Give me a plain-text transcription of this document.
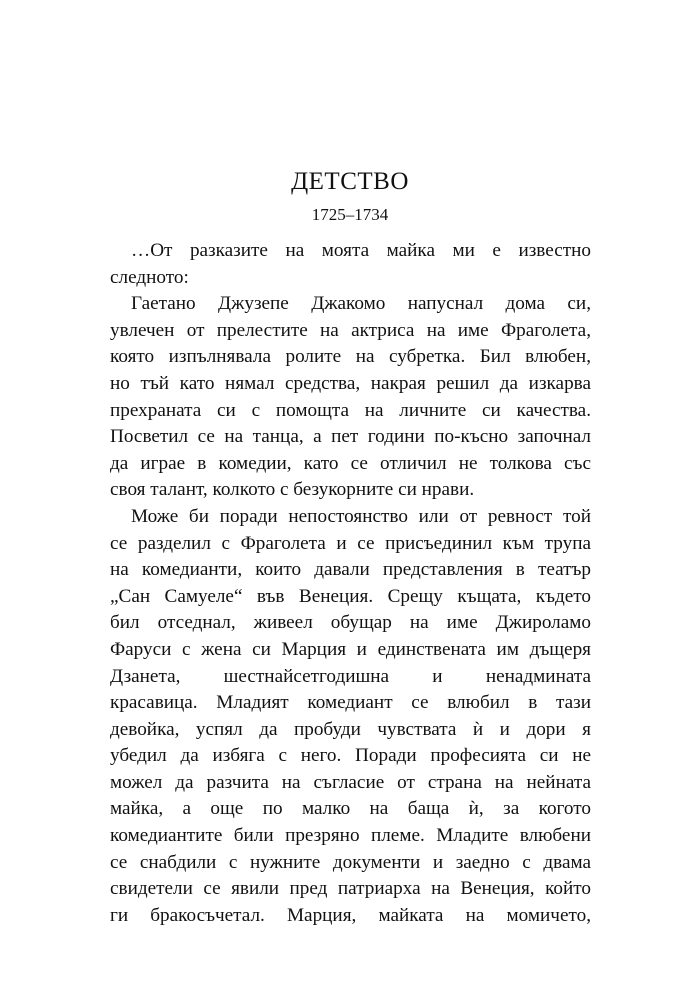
ДЕТСТВО
1725–1734
…От разказите на моята майка ми е известно
следното:
Гаетано Джузепе Джакомо напуснал дома си,
увлечен от прелестите на актриса на име Фраголета,
която изпълнявала ролите на субретка. Бил влюбен,
но тъй като нямал средства, накрая решил да изкарва
прехраната си с помощта на личните си качества.
Посветил се на танца, а пет години по-късно започнал
да играе в комедии, като се отличил не толкова със
своя талант, колкото с безукорните си нрави.
Може би поради непостоянство или от ревност той
се разделил с Фраголета и се присъединил към трупа
на комедианти, които давали представления в театър
„Сан Самуеле“ във Венеция. Срещу къщата, където
бил отседнал, живеел обущар на име Джироламо
Фаруси с жена си Марция и единствената им дъщеря
Дзанета, шестнайсетгодишна и ненадмината
красавица. Младият комедиант се влюбил в тази
девойка, успял да пробуди чувствата ѝ и дори я
убедил да избяга с него. Поради професията си не
можел да разчита на съгласие от страна на нейната
майка, а още по малко на баща ѝ, за когото
комедиантите били презряно племе. Младите влюбени
се снабдили с нужните документи и заедно с двама
свидетели се явили пред патриарха на Венеция, който
ги бракосъчетал. Марция, майката на момичето,
